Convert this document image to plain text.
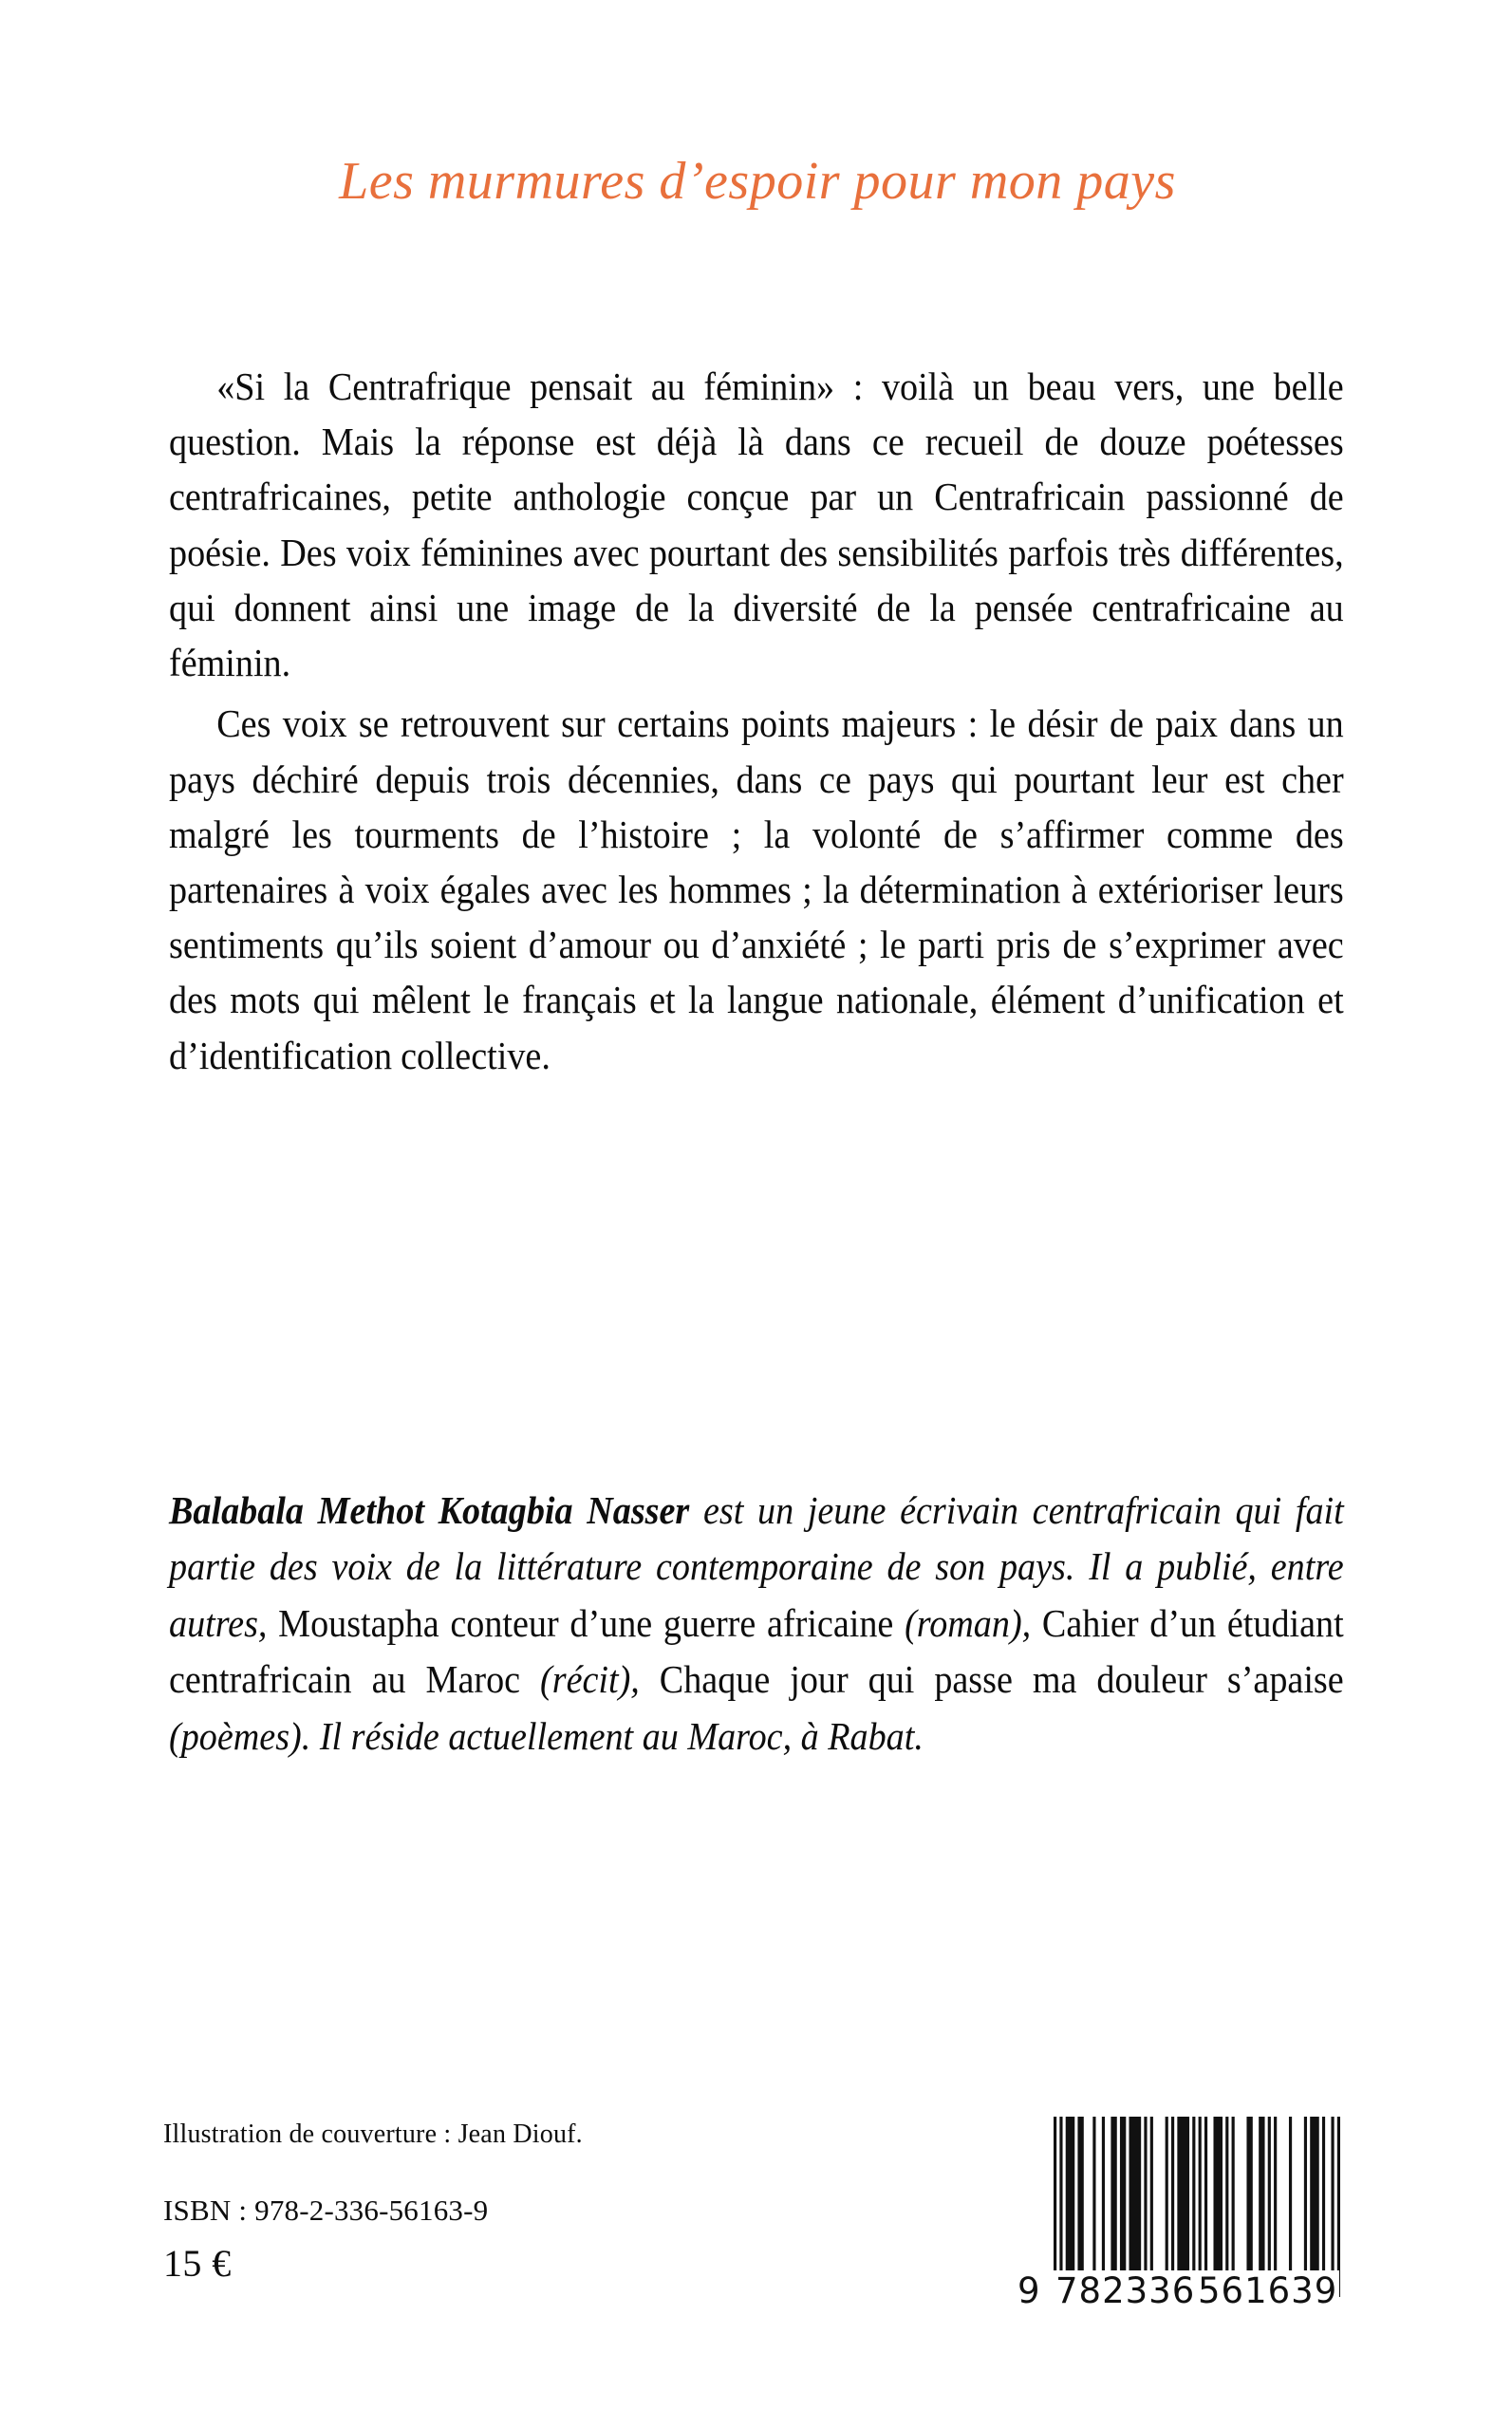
Les murmures d’espoir pour mon pays

«Si la Centrafrique pensait au féminin» : voilà un beau vers, une belle question. Mais la réponse est déjà là dans ce recueil de douze poétesses centrafricaines, petite anthologie conçue par un Centrafricain passionné de poésie. Des voix féminines avec pourtant des sensibilités parfois très différentes, qui donnent ainsi une image de la diversité de la pensée centrafricaine au féminin.

Ces voix se retrouvent sur certains points majeurs : le désir de paix dans un pays déchiré depuis trois décennies, dans ce pays qui pourtant leur est cher malgré les tourments de l’histoire ; la volonté de s’affirmer comme des partenaires à voix égales avec les hommes ; la détermination à extérioriser leurs sentiments qu’ils soient d’amour ou d’anxiété ; le parti pris de s’exprimer avec des mots qui mêlent le français et la langue nationale, élément d’unification et d’identification collective.

Balabala Methot Kotagbia Nasser est un jeune écrivain centrafricain qui fait partie des voix de la littérature contemporaine de son pays. Il a publié, entre autres, Moustapha conteur d’une guerre africaine (roman), Cahier d’un étudiant centrafricain au Maroc (récit), Chaque jour qui passe ma douleur s’apaise (poèmes). Il réside actuellement au Maroc, à Rabat.

Illustration de couverture : Jean Diouf.

ISBN : 978-2-336-56163-9

15 €

9 782336 561639
